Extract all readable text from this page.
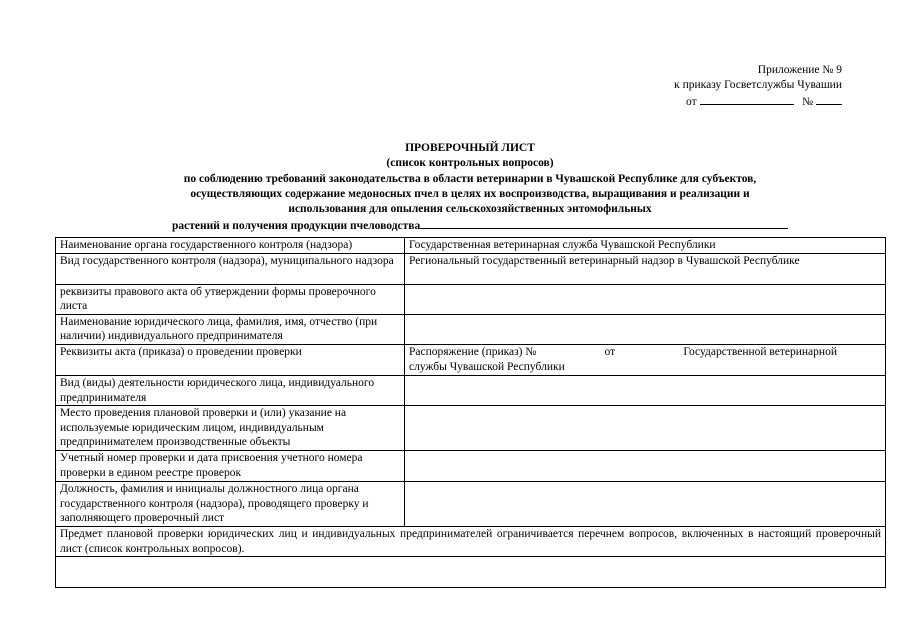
Приложение № 9
к приказу Госветслужбы Чувашии
от	№
ПРОВЕРОЧНЫЙ ЛИСТ
(список контрольных вопросов)
по соблюдению требований законодательства в области ветеринарии в Чувашской Республике для субъектов,
осуществляющих содержание медоносных пчел в целях их воспроизводства, выращивания и реализации и
использования для опыления сельскохозяйственных энтомофильных
растений и получения продукции пчеловодства
Наименование органа государственного контроля (надзора)	Государственная ветеринарная служба Чувашской Республики
Вид государственного контроля (надзора), муниципального надзора	Региональный государственный ветеринарный надзор в Чувашской Республике
реквизиты правового акта об утверждении формы проверочного листа	
Наименование юридического лица, фамилия, имя, отчество (при наличии) индивидуального предпринимателя	
Реквизиты акта (приказа) о проведении проверки	Распоряжение (приказ) № от Государственной ветеринарной
службы Чувашской Республики

Вид (виды) деятельности юридического лица, индивидуального предпринимателя	
Место проведения плановой проверки и (или) указание на используемые юридическим лицом, индивидуальным предпринимателем производственные объекты	
Учетный номер проверки и дата присвоения учетного номера проверки в едином реестре проверок	
Должность, фамилия и инициалы должностного лица органа государственного контроля (надзора), проводящего проверку и заполняющего проверочный лист	
Предмет плановой проверки юридических лиц и индивидуальных предпринимателей ограничивается перечнем вопросов, включенных в настоящий проверочный лист (список контрольных вопросов).	
